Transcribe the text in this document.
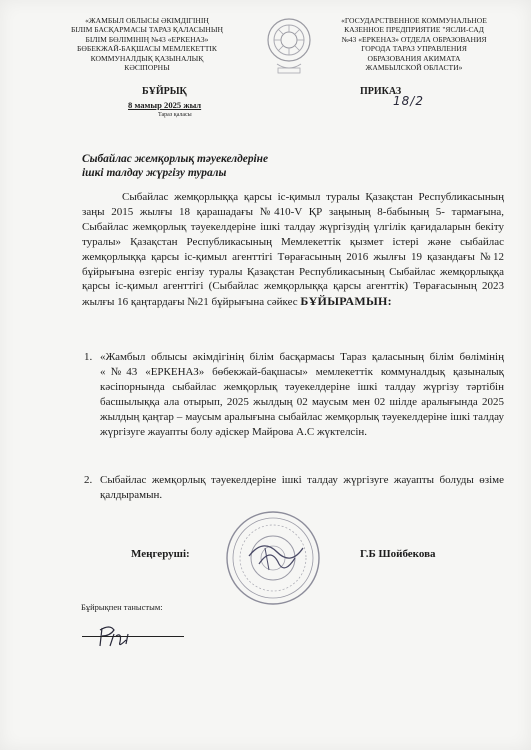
«ЖАМБЫЛ ОБЛЫСЫ ӘКІМДІГІНІҢ
БІЛІМ БАСҚАРМАСЫ ТАРАЗ ҚАЛАСЫНЫҢ
БІЛІМ БӨЛІМІНІҢ №43 «ЕРКЕНАЗ»
БӨБЕКЖАЙ-БАҚШАСЫ МЕМЛЕКЕТТІК
КОММУНАЛДЫҚ ҚАЗЫНАЛЫҚ
КӘСІПОРНЫ
«ГОСУДАРСТВЕННОЕ КОММУНАЛЬНОЕ
КАЗЕННОЕ ПРЕДПРИЯТИЕ "ЯСЛИ-САД
№43 «ЕРКЕНАЗ» ОТДЕЛА ОБРАЗОВАНИЯ
ГОРОДА ТАРАЗ УПРАВЛЕНИЯ
ОБРАЗОВАНИЯ АКИМАТА
ЖАМБЫЛСКОЙ ОБЛАСТИ»
БҰЙРЫҚ	ПРИКАЗ
8 мамыр 2025 жыл
Тараз қаласы
18/2
Сыбайлас жемқорлық тәуекелдеріне
ішкі талдау жүргізу туралы
Сыбайлас жемқорлыққа қарсы іс-қимыл туралы Қазақстан Республикасының заңы 2015 жылғы 18 қарашадағы №410-V ҚР заңының 8-бабының 5- тармағына, Сыбайлас жемқорлық тәуекелдеріне ішкі талдау жүргізудің үлгілік қағидаларын бекіту туралы» Қазақстан Республикасының Мемлекеттік қызмет істері және сыбайлас жемқорлыққа қарсы іс-қимыл агенттігі Төрағасының 2016 жылғы 19 қазандағы №12 бұйрығына өзгеріс енгізу туралы Қазақстан Республикасының Сыбайлас жемқорлыққа қарсы іс-қимыл агенттігі (Сыбайлас жемқорлыққа қарсы агенттік) Төрағасының 2023 жылғы 16 қаңтардағы №21 бұйрығына сәйкес БҰЙЫРАМЫН:
1. «Жамбыл облысы әкімдігінің білім басқармасы Тараз қаласының білім бөлімінің «№43 «ЕРКЕНАЗ» бөбекжай-бақшасы» мемлекеттік коммуналдық қазыналық кәсіпорнында сыбайлас жемқорлық тәуекелдеріне ішкі талдау жүргізу тәртібін басшылыққа ала отырып, 2025 жылдың 02 маусым мен 02 шілде аралығында 2025 жылдың қаңтар – маусым аралығына сыбайлас жемқорлық тәуекелдеріне ішкі талдау жүргізуге жауапты болу әдіскер Майрова А.С жүктелсін.
2. Сыбайлас жемқорлық тәуекелдеріне ішкі талдау жүргізуге жауапты болуды өзіме қалдырамын.
Меңгеруші:	Г.Б Шойбекова
Бұйрықпен таныстым:
